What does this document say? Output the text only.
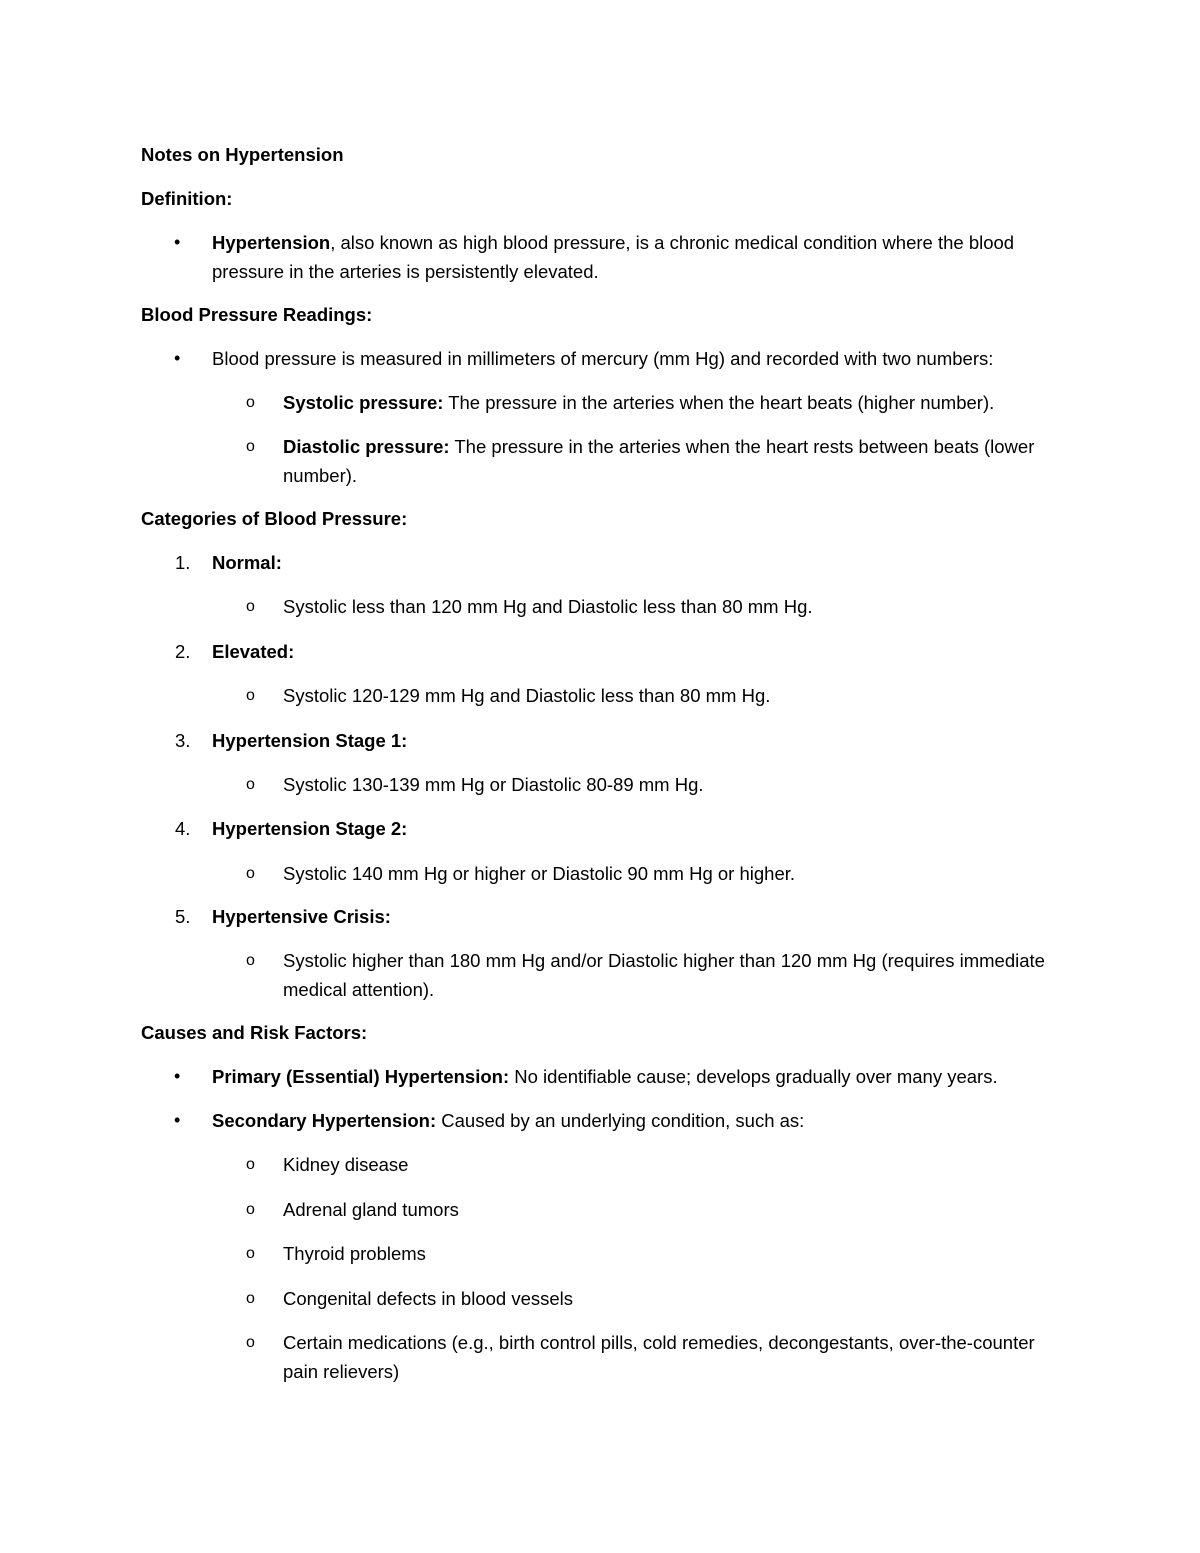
Notes on Hypertension
Definition:
• Hypertension, also known as high blood pressure, is a chronic medical condition where the blood pressure in the arteries is persistently elevated.
Blood Pressure Readings:
• Blood pressure is measured in millimeters of mercury (mm Hg) and recorded with two numbers:
o Systolic pressure: The pressure in the arteries when the heart beats (higher number).
o Diastolic pressure: The pressure in the arteries when the heart rests between beats (lower number).
Categories of Blood Pressure:
1. Normal:
o Systolic less than 120 mm Hg and Diastolic less than 80 mm Hg.
2. Elevated:
o Systolic 120-129 mm Hg and Diastolic less than 80 mm Hg.
3. Hypertension Stage 1:
o Systolic 130-139 mm Hg or Diastolic 80-89 mm Hg.
4. Hypertension Stage 2:
o Systolic 140 mm Hg or higher or Diastolic 90 mm Hg or higher.
5. Hypertensive Crisis:
o Systolic higher than 180 mm Hg and/or Diastolic higher than 120 mm Hg (requires immediate medical attention).
Causes and Risk Factors:
• Primary (Essential) Hypertension: No identifiable cause; develops gradually over many years.
• Secondary Hypertension: Caused by an underlying condition, such as:
o Kidney disease
o Adrenal gland tumors
o Thyroid problems
o Congenital defects in blood vessels
o Certain medications (e.g., birth control pills, cold remedies, decongestants, over-the-counter pain relievers)
